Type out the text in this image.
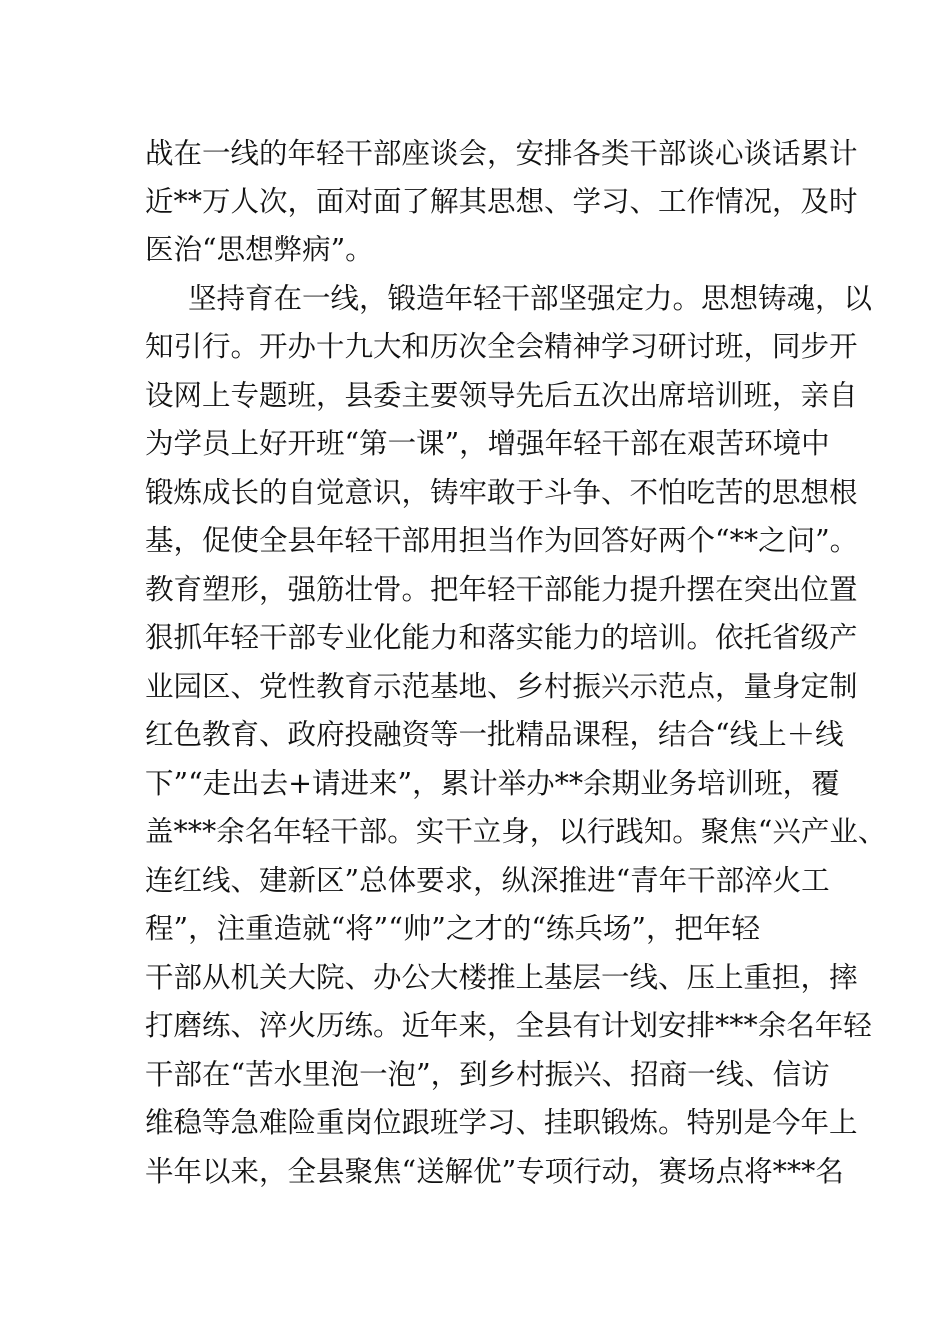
战在一线的年轻干部座谈会，安排各类干部谈心谈话累计
近**万人次，面对面了解其思想、学习、工作情况，及时
医治“思想弊病”。
坚持育在一线，锻造年轻干部坚强定力。思想铸魂，以
知引行。开办十九大和历次全会精神学习研讨班，同步开
设网上专题班，县委主要领导先后五次出席培训班，亲自
为学员上好开班“第一课”，增强年轻干部在艰苦环境中
锻炼成长的自觉意识，铸牢敢于斗争、不怕吃苦的思想根
基，促使全县年轻干部用担当作为回答好两个“**之问”。
教育塑形，强筋壮骨。把年轻干部能力提升摆在突出位置
狠抓年轻干部专业化能力和落实能力的培训。依托省级产
业园区、党性教育示范基地、乡村振兴示范点，量身定制
红色教育、政府投融资等一批精品课程，结合“线上＋线
下”“走出去+请进来”，累计举办**余期业务培训班，覆
盖***余名年轻干部。实干立身，以行践知。聚焦“兴产业、
连红线、建新区”总体要求，纵深推进“青年干部淬火工
程”，注重造就“将”“帅”之才的“练兵场”，把年轻
干部从机关大院、办公大楼推上基层一线、压上重担，摔
打磨练、淬火历练。近年来，全县有计划安排***余名年轻
干部在“苦水里泡一泡”，到乡村振兴、招商一线、信访
维稳等急难险重岗位跟班学习、挂职锻炼。特别是今年上
半年以来，全县聚焦“送解优”专项行动，赛场点将***名
